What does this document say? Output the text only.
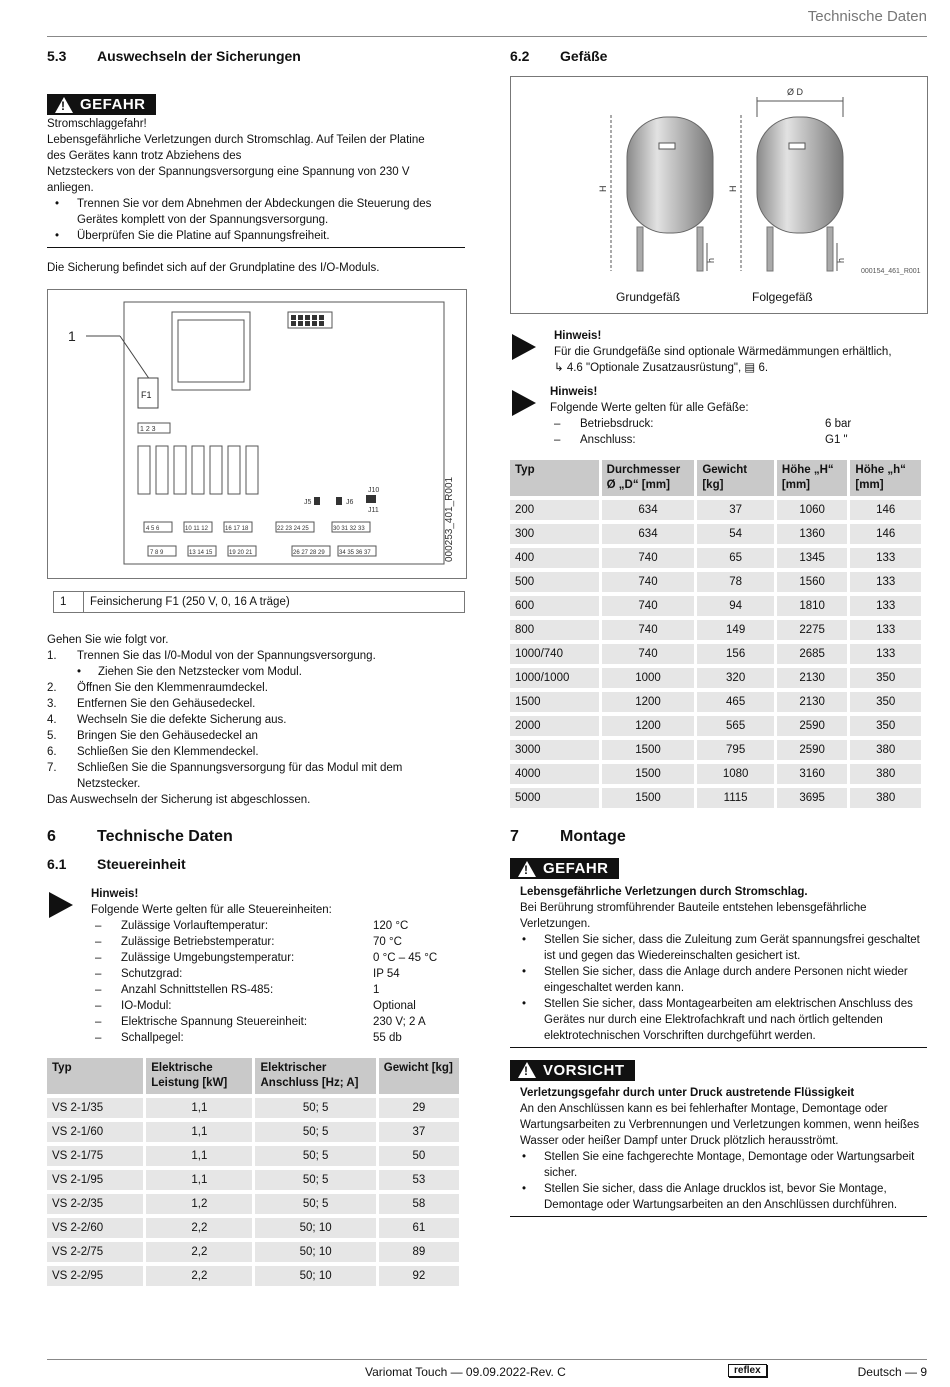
Technische Daten
5.3	Auswechseln der Sicherungen
!
GEFAHR
Stromschlaggefahr!
Lebensgefährliche Verletzungen durch Stromschlag. Auf Teilen der Platine des Gerätes kann trotz Abziehens des
Netzsteckers von der Spannungsversorgung eine Spannung von 230 V anliegen.
•	Trennen Sie vor dem Abnehmen der Abdeckungen die Steuerung des Gerätes komplett von der Spannungsversorgung.
•	Überprüfen Sie die Platine auf Spannungsfreiheit.
Die Sicherung befindet sich auf der Grundplatine des I/O-Moduls.
1
F1
1 2 3
J5	J6
J10
J11
4 5 6	10 11 12	16 17 18	22 23 24 25	30 31 32 33
7 8 9	13 14 15	19 20 21	26 27 28 29 34 35 36 37	000253_401_R001
1	Feinsicherung F1 (250 V, 0, 16 A träge)
Gehen Sie wie folgt vor.
1.	Trennen Sie das I/0-Modul von der Spannungsversorgung.
•	Ziehen Sie den Netzstecker vom Modul.
2.	Öffnen Sie den Klemmenraumdeckel.
3.	Entfernen Sie den Gehäusedeckel.
4.	Wechseln Sie die defekte Sicherung aus.
5.	Bringen Sie den Gehäusedeckel an
6.	Schließen Sie den Klemmendeckel.
7.	Schließen Sie die Spannungsversorgung für das Modul mit dem Netzstecker.
Das Auswechseln der Sicherung ist abgeschlossen.
6	Technische Daten
6.1	Steuereinheit
Hinweis!
Folgende Werte gelten für alle Steuereinheiten:
–	Zulässige Vorlauftemperatur:	120 °C
–	Zulässige Betriebstemperatur:	70 °C
–	Zulässige Umgebungstemperatur:	0 °C – 45 °C
–	Schutzgrad:	IP 54
–	Anzahl Schnittstellen RS-485:	1
–	IO-Modul:	Optional
–	Elektrische Spannung Steuereinheit:	230 V; 2 A
–	Schallpegel:	55 db
Typ	Elektrische Leistung [kW]	Elektrischer Anschluss [Hz; A]	Gewicht [kg]
VS 2-1/35	1,1	50; 5	29
VS 2-1/60	1,1	50; 5	37
VS 2-1/75	1,1	50; 5	50
VS 2-1/95	1,1	50; 5	53
VS 2-2/35	1,2	50; 5	58
VS 2-2/60	2,2	50; 10	61
VS 2-2/75	2,2	50; 10	89
VS 2-2/95	2,2	50; 10	92
6.2	Gefäße
H	H
h	h
Ø D
000154_461_R001
Grundgefäß	Folgegefäß
Hinweis!
Für die Grundgefäße sind optionale Wärmedämmungen erhältlich,
↳ 4.6 "Optionale Zusatzausrüstung", ▤ 6.
Hinweis!
Folgende Werte gelten für alle Gefäße:
–	Betriebsdruck:	6 bar
–	Anschluss:	G1 "
Typ	Durchmesser Ø „D“ [mm]	Gewicht [kg]	Höhe „H“ [mm]	Höhe „h“ [mm]
200	634	37	1060	146
300	634	54	1360	146
400	740	65	1345	133
500	740	78	1560	133
600	740	94	1810	133
800	740	149	2275	133
1000/740	740	156	2685	133
1000/1000	1000	320	2130	350
1500	1200	465	2130	350
2000	1200	565	2590	350
3000	1500	795	2590	380
4000	1500	1080	3160	380
5000	1500	1115	3695	380
7	Montage
!
GEFAHR
Lebensgefährliche Verletzungen durch Stromschlag.
Bei Berührung stromführender Bauteile entstehen lebensgefährliche Verletzungen.
•	Stellen Sie sicher, dass die Zuleitung zum Gerät spannungsfrei geschaltet ist und gegen das Wiedereinschalten gesichert ist.
•	Stellen Sie sicher, dass die Anlage durch andere Personen nicht wieder eingeschaltet werden kann.
•	Stellen Sie sicher, dass Montagearbeiten am elektrischen Anschluss des Gerätes nur durch eine Elektrofachkraft und nach örtlich geltenden elektrotechnischen Vorschriften durchgeführt werden.
!
VORSICHT
Verletzungsgefahr durch unter Druck austretende Flüssigkeit
An den Anschlüssen kann es bei fehlerhafter Montage, Demontage oder Wartungsarbeiten zu Verbrennungen und Verletzungen kommen, wenn heißes Wasser oder heißer Dampf unter Druck plötzlich herausströmt.
•	Stellen Sie eine fachgerechte Montage, Demontage oder Wartungsarbeit sicher.
•	Stellen Sie sicher, dass die Anlage drucklos ist, bevor Sie Montage, Demontage oder Wartungsarbeiten an den Anschlüssen durchführen.
Variomat Touch — 09.09.2022-Rev. C	reflex	Deutsch — 9
